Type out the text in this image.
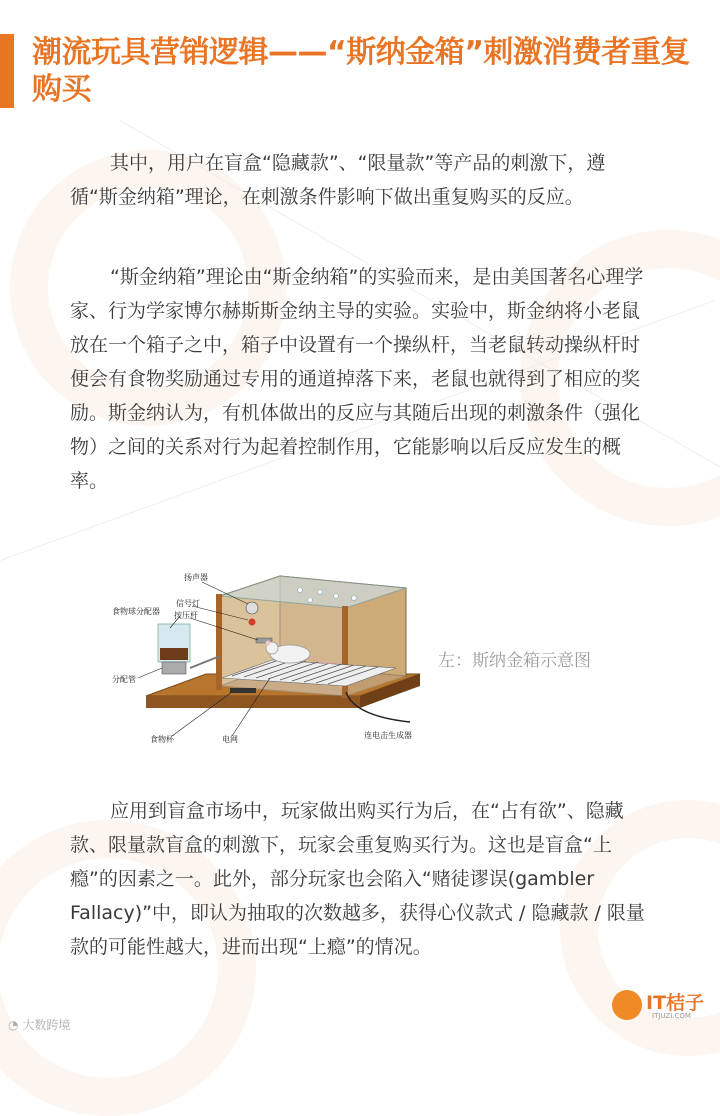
潮流玩具营销逻辑——“斯纳金箱”刺激消费者重复购买

其中，用户在盲盒“隐藏款”、“限量款”等产品的刺激下，遵循“斯金纳箱”理论，在刺激条件影响下做出重复购买的反应。

“斯金纳箱”理论由“斯金纳箱”的实验而来，是由美国著名心理学家、行为学家博尔赫斯斯金纳主导的实验。实验中，斯金纳将小老鼠放在一个箱子之中，箱子中设置有一个操纵杆，当老鼠转动操纵杆时便会有食物奖励通过专用的通道掉落下来，老鼠也就得到了相应的奖励。斯金纳认为，有机体做出的反应与其随后出现的刺激条件（强化物）之间的关系对行为起着控制作用，它能影响以后反应发生的概率。

扬声器
食物球分配器
信号灯
按压杆
分配管
食物杯	电网	连电击生成器
左：斯纳金箱示意图

应用到盲盒市场中，玩家做出购买行为后，在“占有欲”、隐藏款、限量款盲盒的刺激下，玩家会重复购买行为。这也是盲盒“上瘾”的因素之一。此外，部分玩家也会陷入“赌徒谬误(gambler Fallacy)”中，即认为抽取的次数越多，获得心仪款式 / 隐藏款 / 限量款的可能性越大，进而出现“上瘾”的情况。

◔ 大数跨境
IT桔子
ITJUZI.COM
